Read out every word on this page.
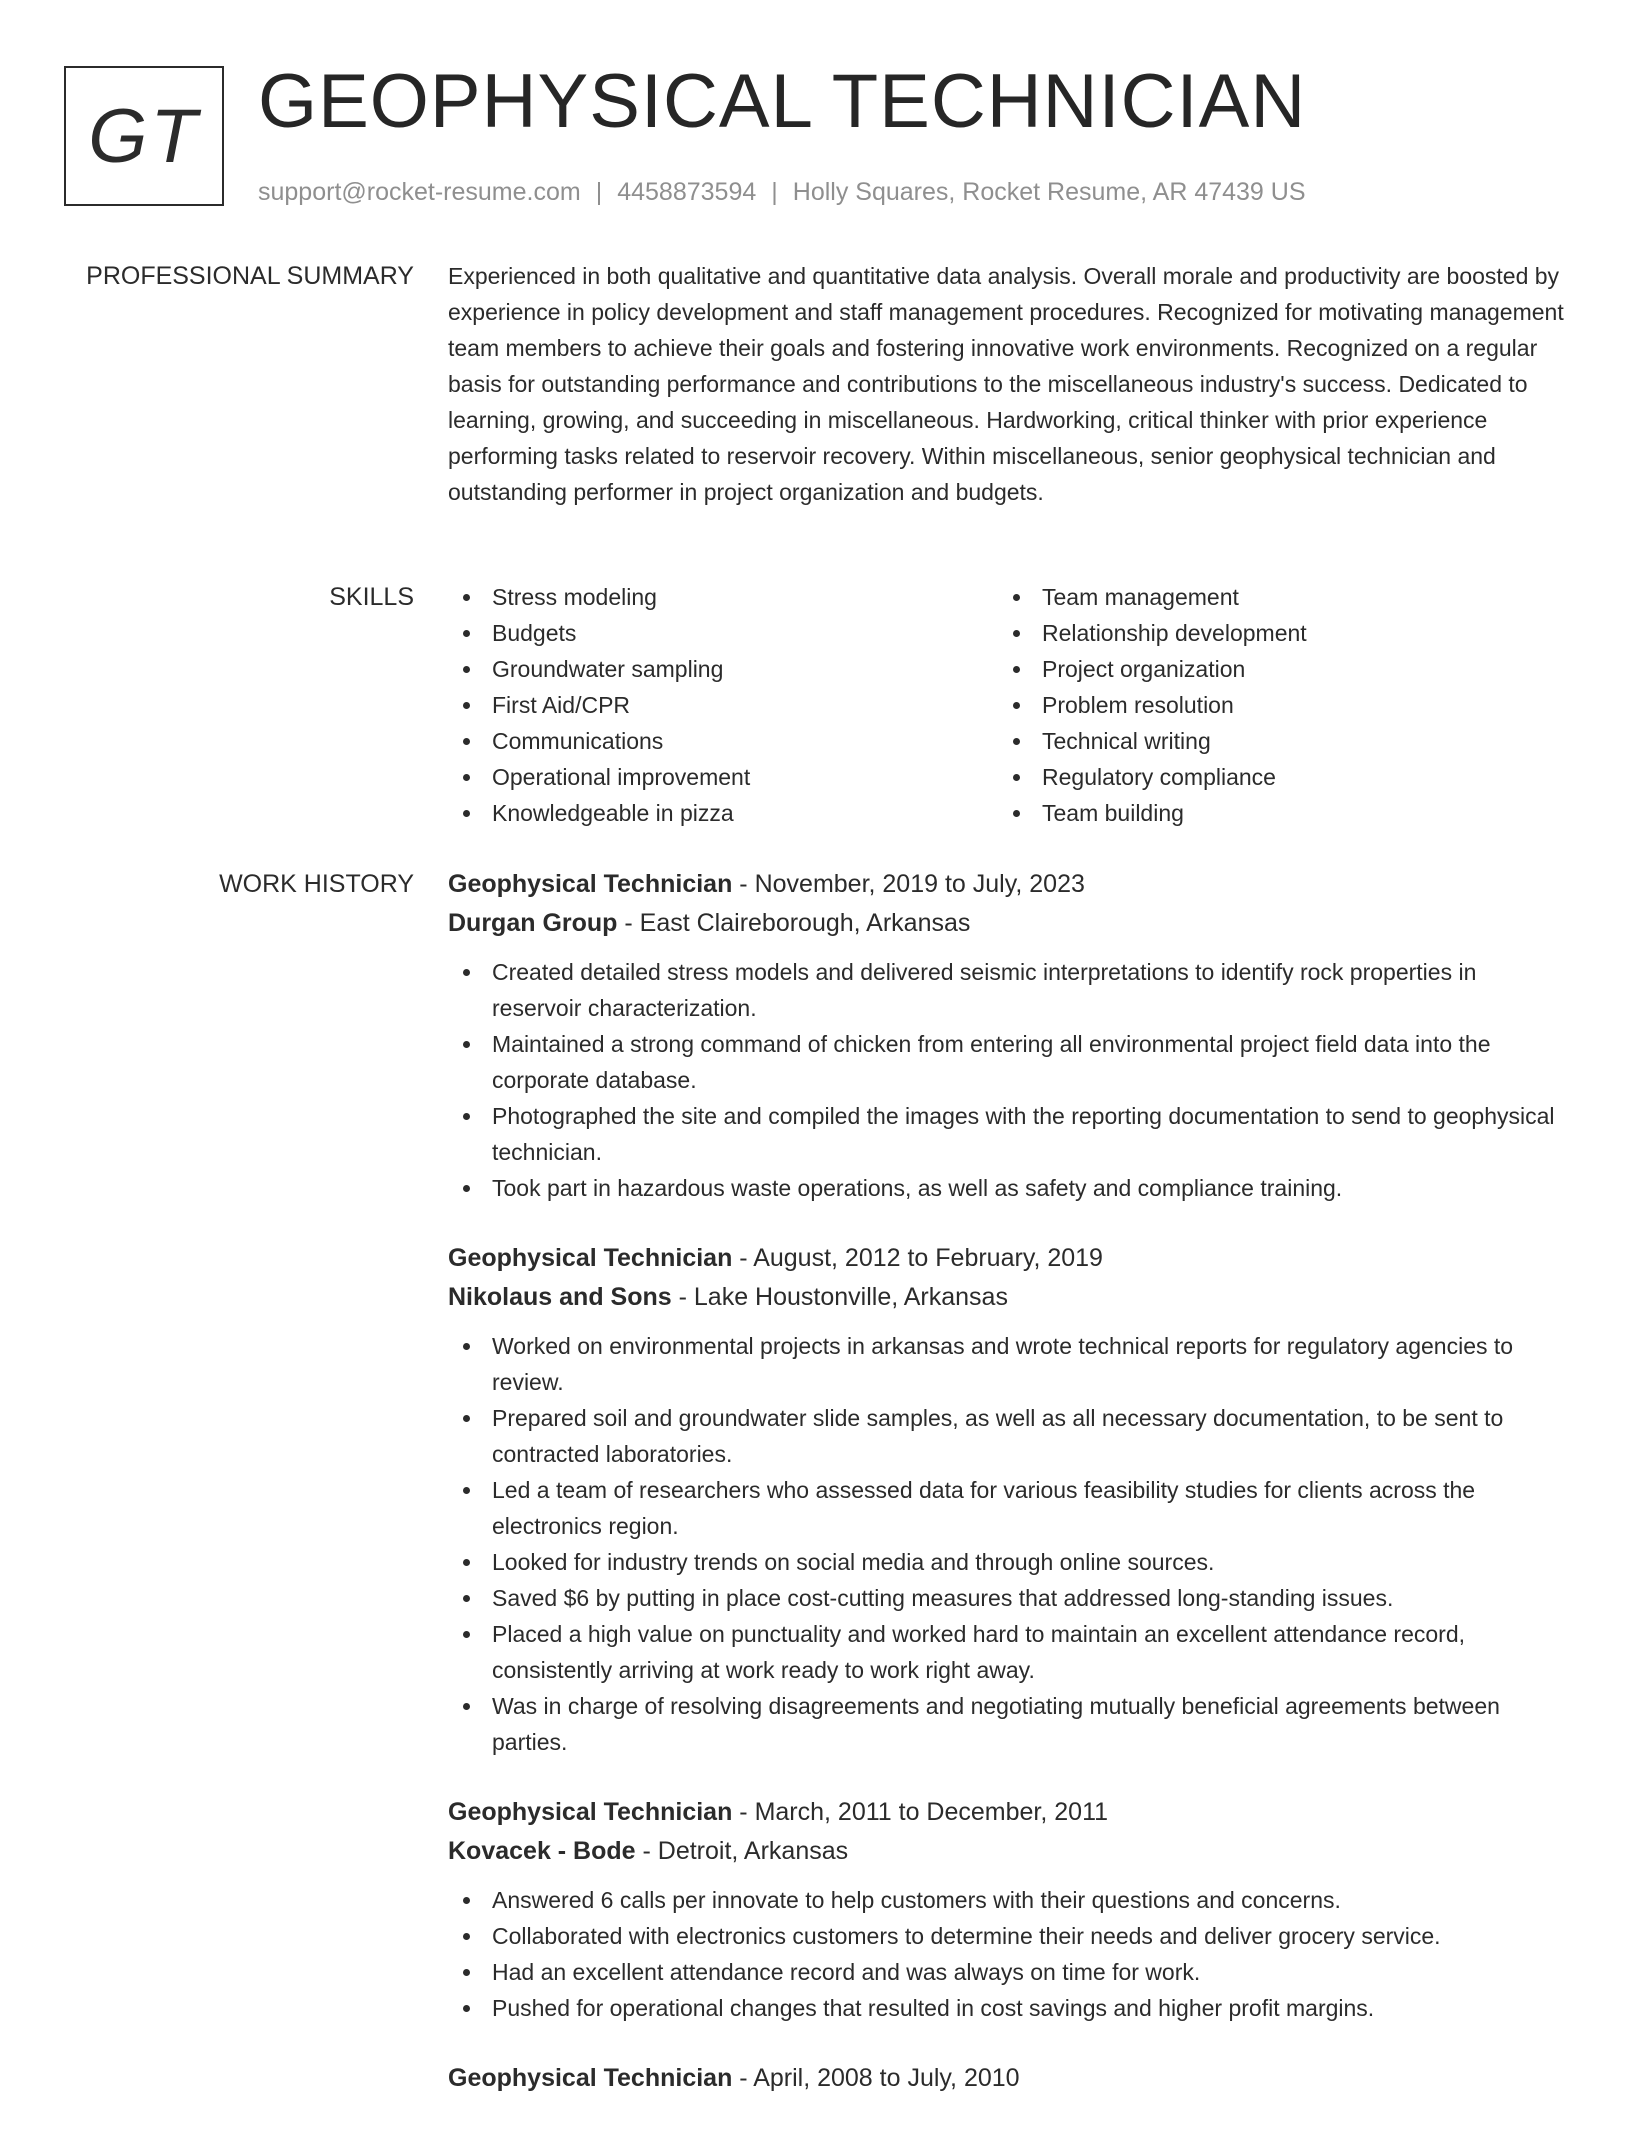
GT GEOPHYSICAL TECHNICIAN
support@rocket-resume.com | 4458873594 | Holly Squares, Rocket Resume, AR 47439 US
PROFESSIONAL SUMMARY Experienced in both qualitative and quantitative data analysis. Overall morale and productivity are boosted by experience in policy development and staff management procedures. Recognized for motivating management team members to achieve their goals and fostering innovative work environments. Recognized on a regular basis for outstanding performance and contributions to the miscellaneous industry's success. Dedicated to learning, growing, and succeeding in miscellaneous. Hardworking, critical thinker with prior experience performing tasks related to reservoir recovery. Within miscellaneous, senior geophysical technician and outstanding performer in project organization and budgets.

SKILLS	Stress modeling
Budgets
Groundwater sampling
First Aid/CPR
Communications
Operational improvement
Knowledgeable in pizza
Team management
Relationship development
Project organization
Problem resolution
Technical writing
Regulatory compliance
Team building
WORK HISTORY Geophysical Technician - November, 2019 to July, 2023
Durgan Group - East Claireborough, Arkansas
Created detailed stress models and delivered seismic interpretations to identify rock properties in reservoir characterization.
Maintained a strong command of chicken from entering all environmental project field data into the corporate database.
Photographed the site and compiled the images with the reporting documentation to send to geophysical technician.
Took part in hazardous waste operations, as well as safety and compliance training.
Geophysical Technician - August, 2012 to February, 2019
Nikolaus and Sons - Lake Houstonville, Arkansas
Worked on environmental projects in arkansas and wrote technical reports for regulatory agencies to review.
Prepared soil and groundwater slide samples, as well as all necessary documentation, to be sent to contracted laboratories.
Led a team of researchers who assessed data for various feasibility studies for clients across the electronics region.
Looked for industry trends on social media and through online sources.
Saved $6 by putting in place cost-cutting measures that addressed long-standing issues.
Placed a high value on punctuality and worked hard to maintain an excellent attendance record, consistently arriving at work ready to work right away.
Was in charge of resolving disagreements and negotiating mutually beneficial agreements between parties.
Geophysical Technician - March, 2011 to December, 2011
Kovacek - Bode - Detroit, Arkansas
Answered 6 calls per innovate to help customers with their questions and concerns.
Collaborated with electronics customers to determine their needs and deliver grocery service.
Had an excellent attendance record and was always on time for work.
Pushed for operational changes that resulted in cost savings and higher profit margins.
Geophysical Technician - April, 2008 to July, 2010
